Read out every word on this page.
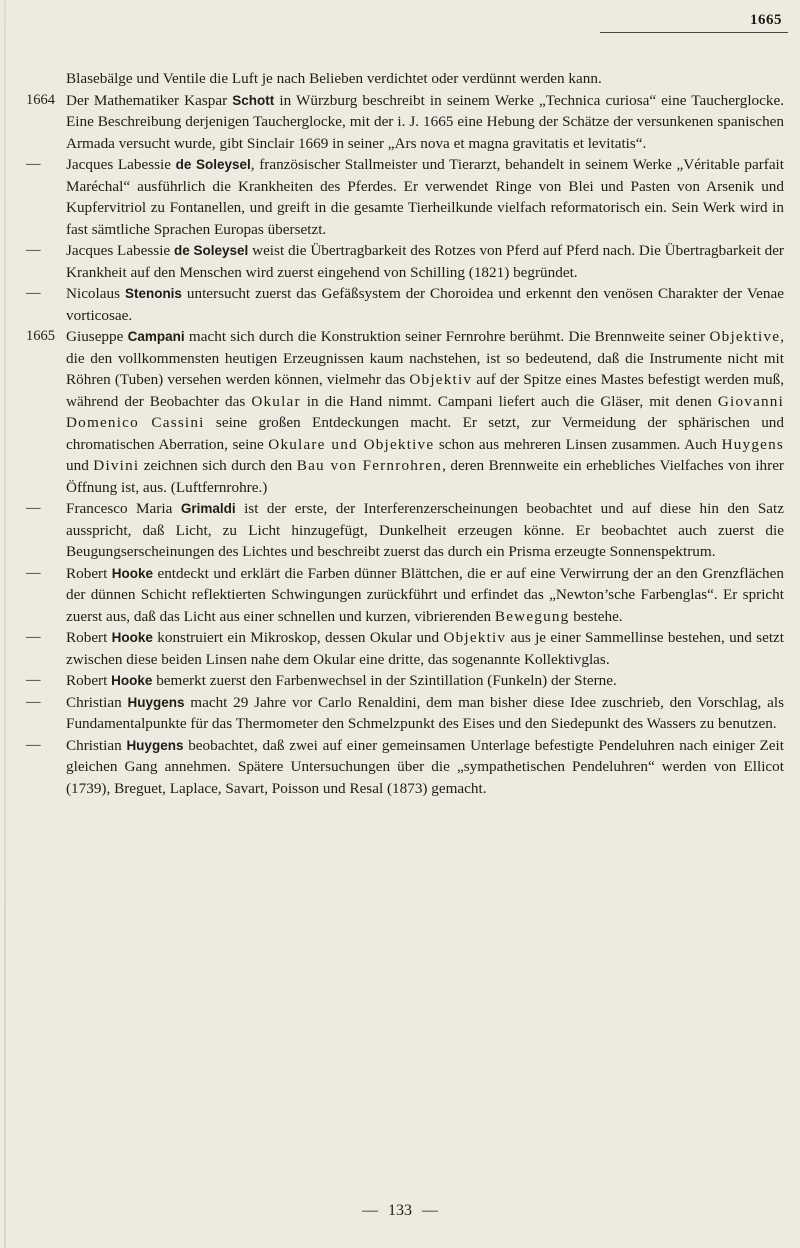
1665
Blasebälge und Ventile die Luft je nach Belieben verdichtet oder verdünnt werden kann.
1664 Der Mathematiker Kaspar Schott in Würzburg beschreibt in seinem Werke „Technica curiosa“ eine Taucherglocke. Eine Beschreibung derjenigen Taucherglocke, mit der i. J. 1665 eine Hebung der Schätze der versunkenen spanischen Armada versucht wurde, gibt Sinclair 1669 in seiner „Ars nova et magna gravitatis et levitatis“.
—	Jacques Labessie de Soleysel, französischer Stallmeister und Tierarzt, behandelt in seinem Werke „Véritable parfait Maréchal“ ausführlich die Krankheiten des Pferdes. Er verwendet Ringe von Blei und Pasten von Arsenik und Kupfervitriol zu Fontanellen, und greift in die gesamte Tierheilkunde vielfach reformatorisch ein. Sein Werk wird in fast sämtliche Sprachen Europas übersetzt.
—	Jacques Labessie de Soleysel weist die Übertragbarkeit des Rotzes von Pferd auf Pferd nach. Die Übertragbarkeit der Krankheit auf den Menschen wird zuerst eingehend von Schilling (1821) begründet.
—	Nicolaus Stenonis untersucht zuerst das Gefäßsystem der Choroidea und erkennt den venösen Charakter der Venae vorticosae.
1665 Giuseppe Campani macht sich durch die Konstruktion seiner Fernrohre berühmt. Die Brennweite seiner Objektive, die den vollkommensten heutigen Erzeugnissen kaum nachstehen, ist so bedeutend, daß die Instrumente nicht mit Röhren (Tuben) versehen werden können, vielmehr das Objektiv auf der Spitze eines Mastes befestigt werden muß, während der Beobachter das Okular in die Hand nimmt. Campani liefert auch die Gläser, mit denen Giovanni Domenico Cassini seine großen Entdeckungen macht. Er setzt, zur Vermeidung der sphärischen und chromatischen Aberration, seine Okulare und Objektive schon aus mehreren Linsen zusammen. Auch Huygens und Divini zeichnen sich durch den Bau von Fernrohren, deren Brennweite ein erhebliches Vielfaches von ihrer Öffnung ist, aus. (Luftfernrohre.)
—	Francesco Maria Grimaldi ist der erste, der Interferenzerscheinungen beobachtet und auf diese hin den Satz ausspricht, daß Licht, zu Licht hinzugefügt, Dunkelheit erzeugen könne. Er beobachtet auch zuerst die Beugungserscheinungen des Lichtes und beschreibt zuerst das durch ein Prisma erzeugte Sonnenspektrum.
—	Robert Hooke entdeckt und erklärt die Farben dünner Blättchen, die er auf eine Verwirrung der an den Grenzflächen der dünnen Schicht reflektierten Schwingungen zurückführt und erfindet das „Newton’sche Farbenglas“. Er spricht zuerst aus, daß das Licht aus einer schnellen und kurzen, vibrierenden Bewegung bestehe.
—	Robert Hooke konstruiert ein Mikroskop, dessen Okular und Objektiv aus je einer Sammellinse bestehen, und setzt zwischen diese beiden Linsen nahe dem Okular eine dritte, das sogenannte Kollektivglas.
—	Robert Hooke bemerkt zuerst den Farbenwechsel in der Szintillation (Funkeln) der Sterne.
—	Christian Huygens macht 29 Jahre vor Carlo Renaldini, dem man bisher diese Idee zuschrieb, den Vorschlag, als Fundamentalpunkte für das Thermometer den Schmelzpunkt des Eises und den Siedepunkt des Wassers zu benutzen.
—	Christian Huygens beobachtet, daß zwei auf einer gemeinsamen Unterlage befestigte Pendeluhren nach einiger Zeit gleichen Gang annehmen. Spätere Untersuchungen über die „sympathetischen Pendeluhren“ werden von Ellicot (1739), Breguet, Laplace, Savart, Poisson und Resal (1873) gemacht.
— 133 —
